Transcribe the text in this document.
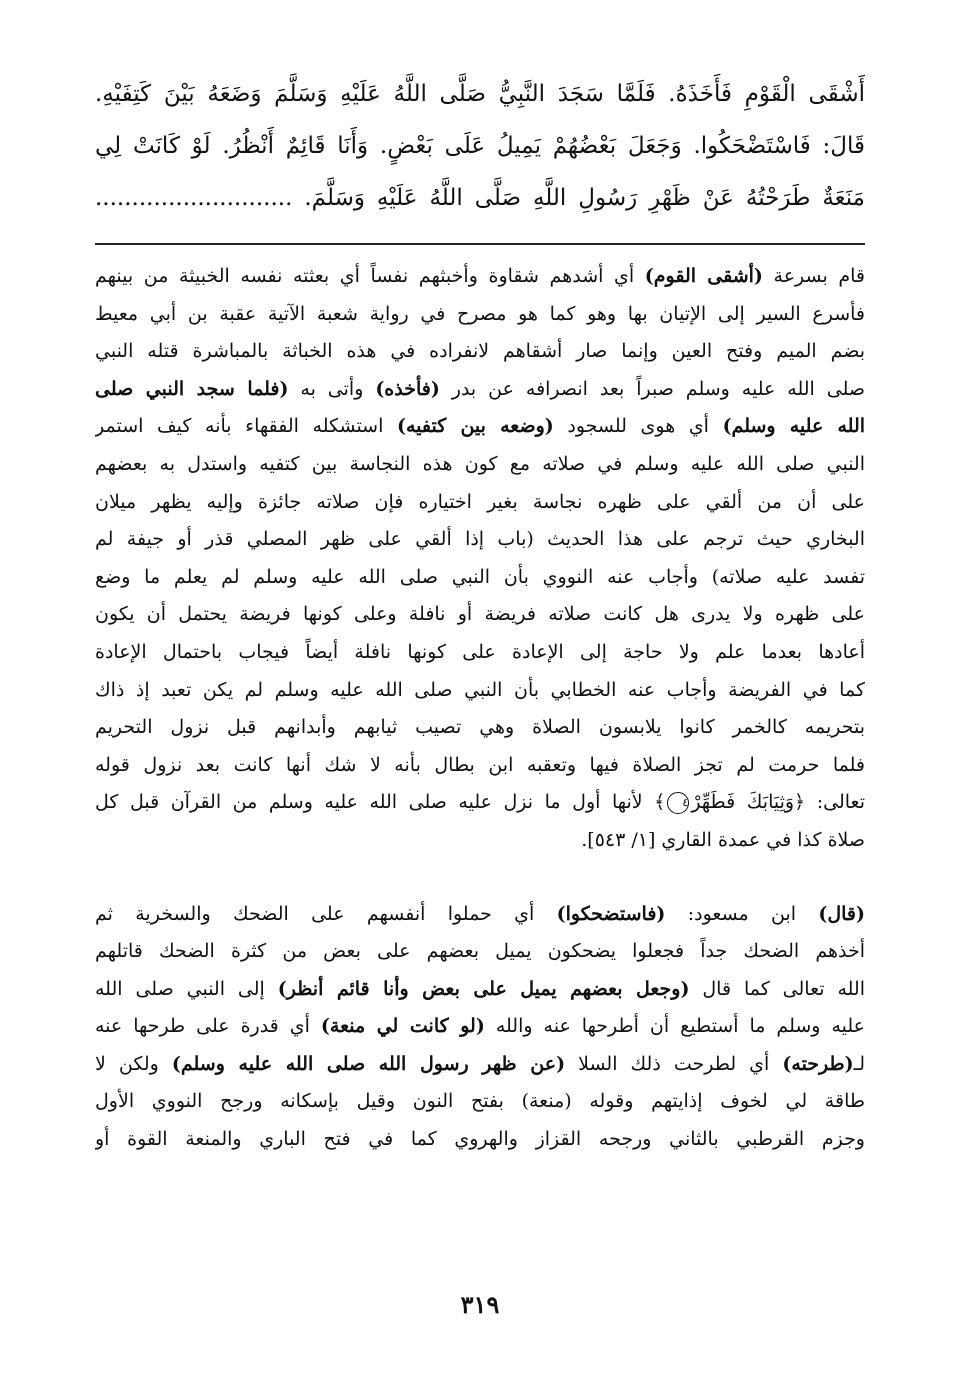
أَشْقَى الْقَوْمِ فَأَخَذَهُ. فَلَمَّا سَجَدَ النَّبِيُّ صَلَّى اللَّهُ عَلَيْهِ وَسَلَّمَ وَضَعَهُ بَيْنَ كَتِفَيْهِ.
قَالَ: فَاسْتَضْحَكُوا. وَجَعَلَ بَعْضُهُمْ يَمِيلُ عَلَى بَعْضٍ. وَأَنَا قَائِمٌ أَنْظُرُ. لَوْ كَانَتْ لِي
مَنَعَةٌ طَرَحْتُهُ عَنْ ظَهْرِ رَسُولِ اللَّهِ صَلَّى اللَّهُ عَلَيْهِ وَسَلَّمَ. ...........................
قام بسرعة (أشقى القوم) أي أشدهم شقاوة وأخبثهم نفساً أي بعثته نفسه الخبيثة من بينهم
فأسرع السير إلى الإتيان بها وهو كما هو مصرح في رواية شعبة الآتية عقبة بن أبي معيط
بضم الميم وفتح العين وإنما صار أشقاهم لانفراده في هذه الخباثة بالمباشرة قتله النبي
صلى الله عليه وسلم صبراً بعد انصرافه عن بدر (فأخذه) وأتى به (فلما سجد النبي صلى
الله عليه وسلم) أي هوى للسجود (وضعه بين كتفيه) استشكله الفقهاء بأنه كيف استمر
النبي صلى الله عليه وسلم في صلاته مع كون هذه النجاسة بين كتفيه واستدل به بعضهم
على أن من ألقي على ظهره نجاسة بغير اختياره فإن صلاته جائزة وإليه يظهر ميلان
البخاري حيث ترجم على هذا الحديث (باب إذا ألقي على ظهر المصلي قذر أو جيفة لم
تفسد عليه صلاته) وأجاب عنه النووي بأن النبي صلى الله عليه وسلم لم يعلم ما وضع
على ظهره ولا يدرى هل كانت صلاته فريضة أو نافلة وعلى كونها فريضة يحتمل أن يكون
أعادها بعدما علم ولا حاجة إلى الإعادة على كونها نافلة أيضاً فيجاب باحتمال الإعادة
كما في الفريضة وأجاب عنه الخطابي بأن النبي صلى الله عليه وسلم لم يكن تعبد إذ ذاك
بتحريمه كالخمر كانوا يلابسون الصلاة وهي تصيب ثيابهم وأبدانهم قبل نزول التحريم
فلما حرمت لم تجز الصلاة فيها وتعقبه ابن بطال بأنه لا شك أنها كانت بعد نزول قوله
تعالى: ﴿وَثِيَابَكَ فَطَهِّرْ٤﴾ لأنها أول ما نزل عليه صلى الله عليه وسلم من القرآن قبل كل
صلاة كذا في عمدة القاري [١/ ٥٤٣].
(قال) ابن مسعود: (فاستضحكوا) أي حملوا أنفسهم على الضحك والسخرية ثم
أخذهم الضحك جداً فجعلوا يضحكون يميل بعضهم على بعض من كثرة الضحك قاتلهم
الله تعالى كما قال (وجعل بعضهم يميل على بعض وأنا قائم أنظر) إلى النبي صلى الله
عليه وسلم ما أستطيع أن أطرحها عنه والله (لو كانت لي منعة) أي قدرة على طرحها عنه
لـ(طرحته) أي لطرحت ذلك السلا (عن ظهر رسول الله صلى الله عليه وسلم) ولكن لا
طاقة لي لخوف إذايتهم وقوله (منعة) بفتح النون وقيل بإسكانه ورجح النووي الأول
وجزم القرطبي بالثاني ورجحه القزاز والهروي كما في فتح الباري والمنعة القوة أو
٣١٩
